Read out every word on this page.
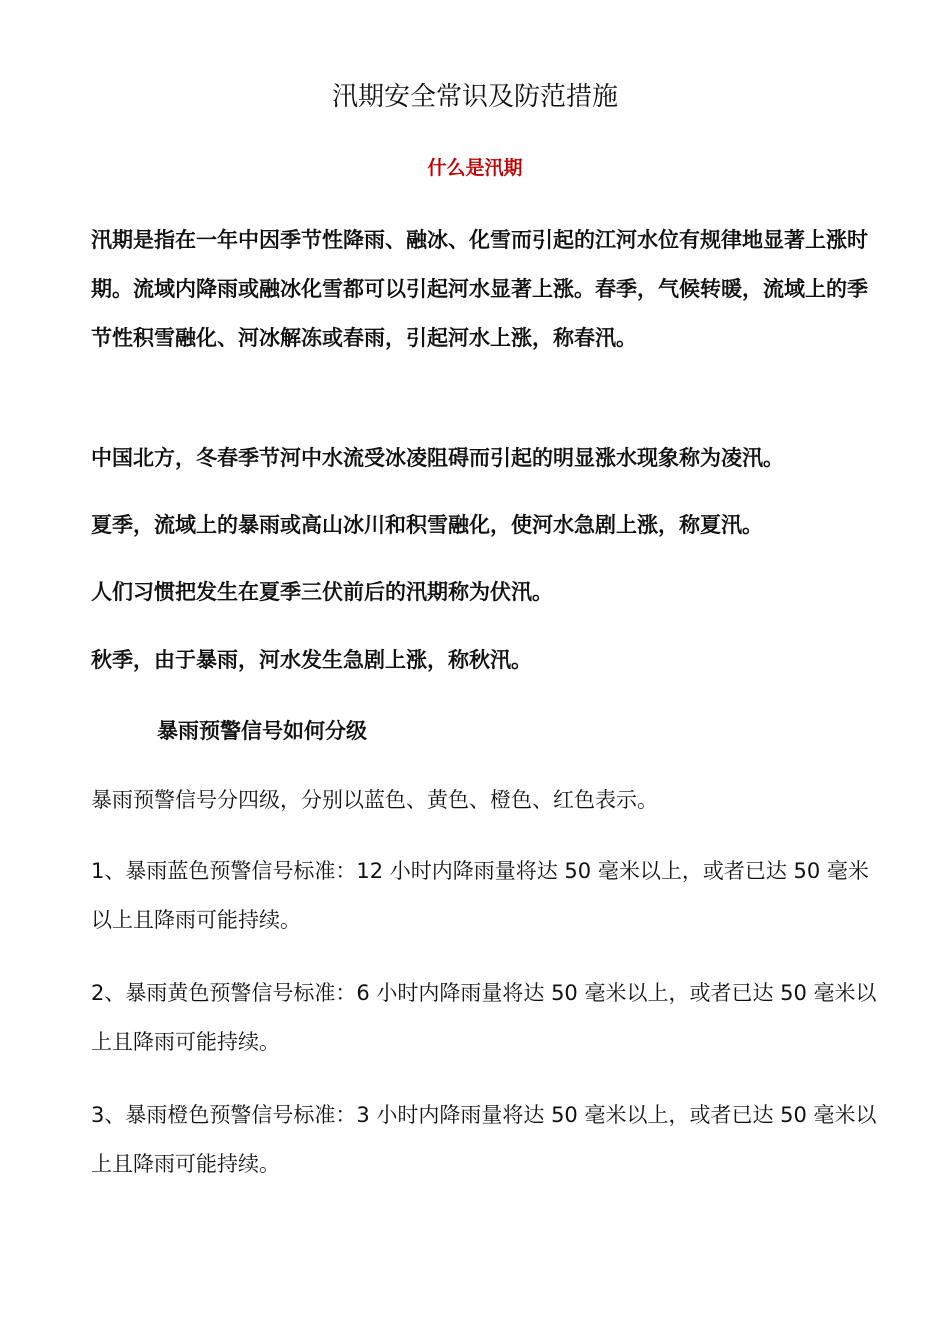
汛期安全常识及防范措施
什么是汛期

汛期是指在一年中因季节性降雨、融冰、化雪而引起的江河水位有规律地显著上涨时期。流域内降雨或融冰化雪都可以引起河水显著上涨。春季，气候转暖，流域上的季节性积雪融化、河冰解冻或春雨，引起河水上涨，称春汛。

中国北方，冬春季节河中水流受冰凌阻碍而引起的明显涨水现象称为凌汛。

夏季，流域上的暴雨或高山冰川和积雪融化，使河水急剧上涨，称夏汛。

人们习惯把发生在夏季三伏前后的汛期称为伏汛。

秋季，由于暴雨，河水发生急剧上涨，称秋汛。

暴雨预警信号如何分级

暴雨预警信号分四级，分别以蓝色、黄色、橙色、红色表示。

1、暴雨蓝色预警信号标准：12 小时内降雨量将达 50 毫米以上，或者已达 50 毫米以上且降雨可能持续。

2、暴雨黄色预警信号标准：6 小时内降雨量将达 50 毫米以上，或者已达 50 毫米以上且降雨可能持续。

3、暴雨橙色预警信号标准：3 小时内降雨量将达 50 毫米以上，或者已达 50 毫米以上且降雨可能持续。
